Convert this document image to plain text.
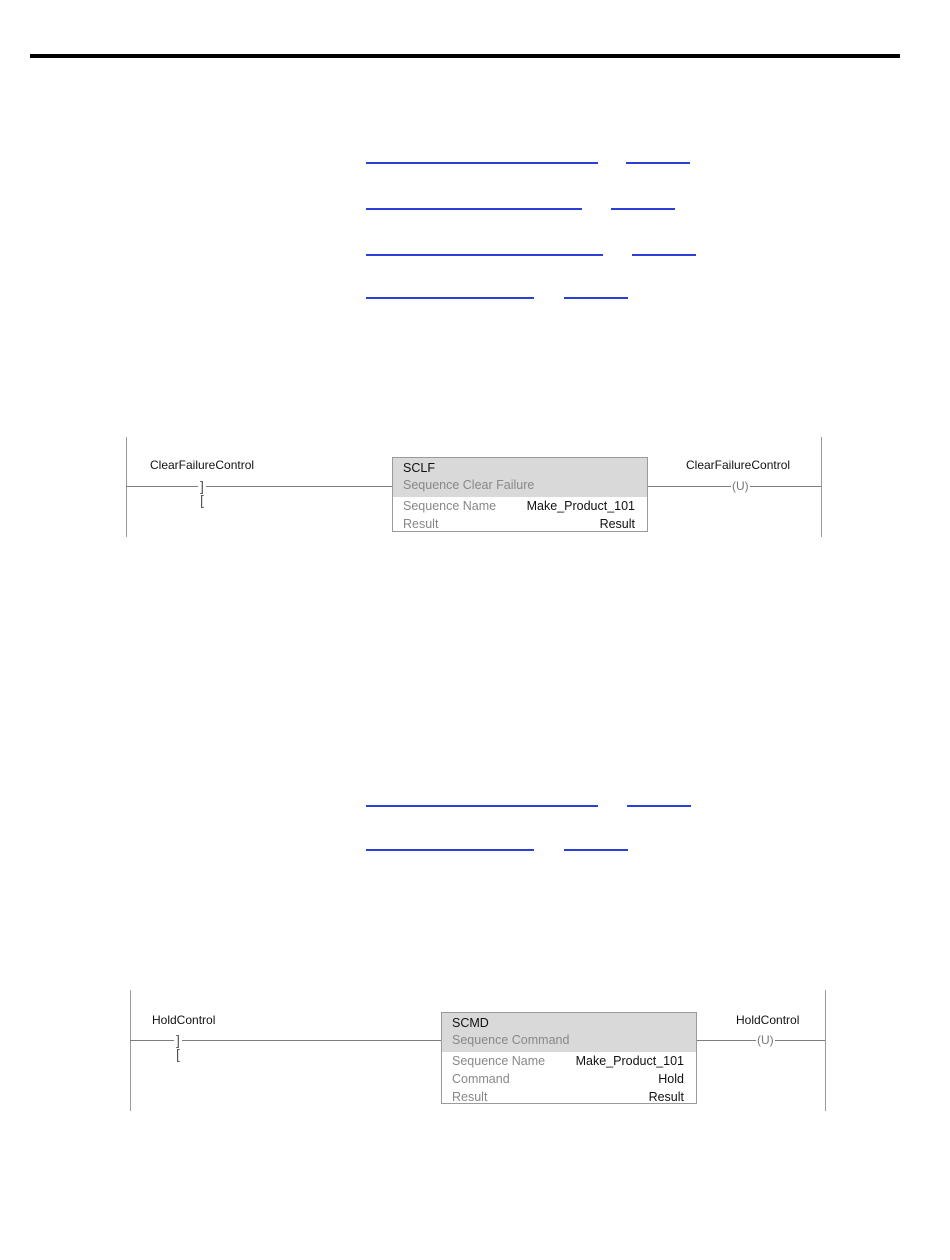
ClearFailureControl
] [
ClearFailureControl
(U)
SCLF
Sequence Clear Failure
Sequence Name Make_Product_101
Result	Result
HoldControl
] [
HoldControl
(U)
SCMD
Sequence Command
Sequence Name Make_Product_101
Command	Hold
Result	Result
